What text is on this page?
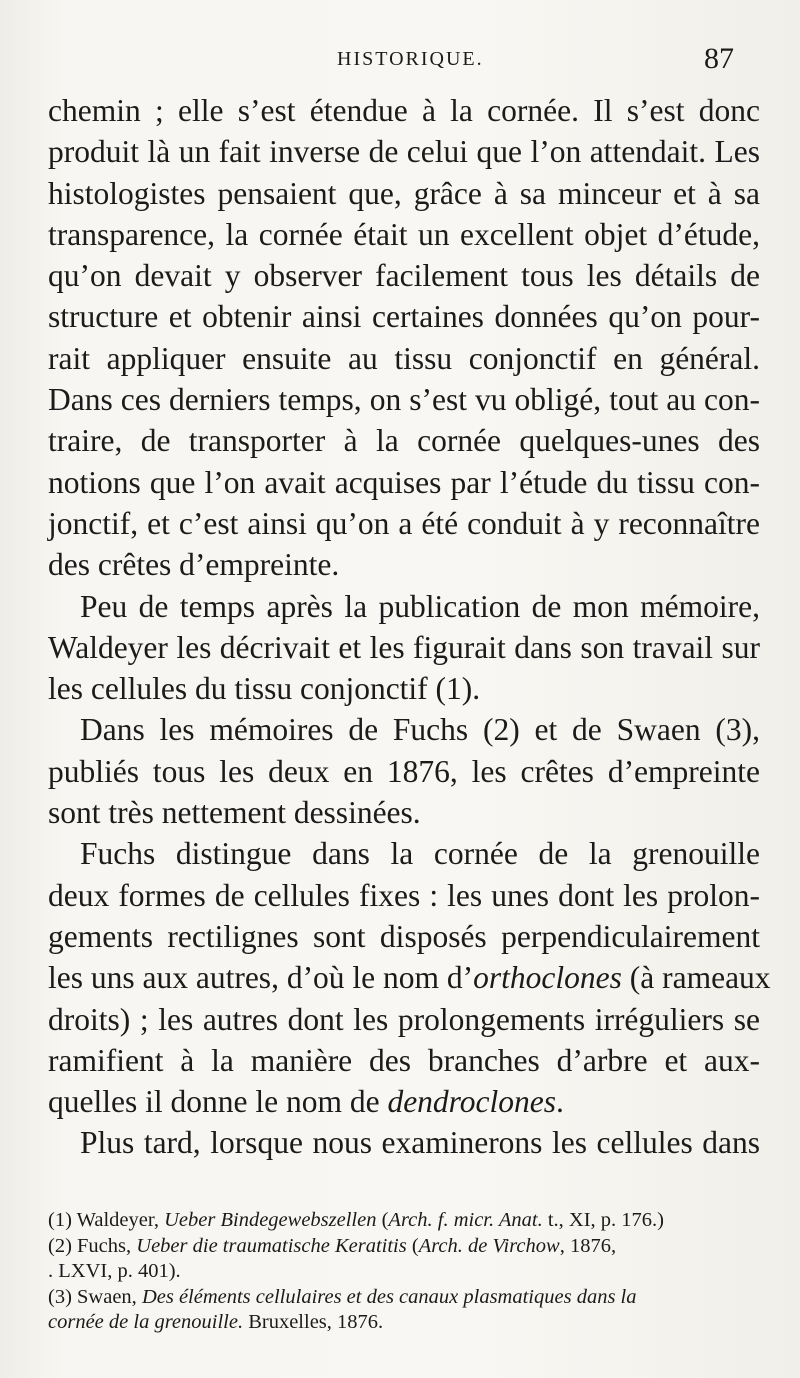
HISTORIQUE.	87

chemin ; elle s’est étendue à la cornée. Il s’est donc
produit là un fait inverse de celui que l’on attendait. Les
histologistes pensaient que, grâce à sa minceur et à sa
transparence, la cornée était un excellent objet d’étude,
qu’on devait y observer facilement tous les détails de
structure et obtenir ainsi certaines données qu’on pour-
rait appliquer ensuite au tissu conjonctif en général.
Dans ces derniers temps, on s’est vu obligé, tout au con-
traire, de transporter à la cornée quelques-unes des
notions que l’on avait acquises par l’étude du tissu con-
jonctif, et c’est ainsi qu’on a été conduit à y reconnaître
des crêtes d’empreinte.

Peu de temps après la publication de mon mémoire,
Waldeyer les décrivait et les figurait dans son travail sur
les cellules du tissu conjonctif (1).

Dans les mémoires de Fuchs (2) et de Swaen (3),
publiés tous les deux en 1876, les crêtes d’empreinte
sont très nettement dessinées.

Fuchs distingue dans la cornée de la grenouille
deux formes de cellules fixes : les unes dont les prolon-
gements rectilignes sont disposés perpendiculairement
les uns aux autres, d’où le nom d’orthoclones (à rameaux
droits) ; les autres dont les prolongements irréguliers se
ramifient à la manière des branches d’arbre et aux-
quelles il donne le nom de dendroclones.

Plus tard, lorsque nous examinerons les cellules dans

(1) Waldeyer, Ueber Bindegewebszellen (Arch. f. micr. Anat. t., XI, p. 176.)
(2) Fuchs, Ueber die traumatische Keratitis (Arch. de Virchow, 1876,
. LXVI, p. 401).
(3) Swaen, Des éléments cellulaires et des canaux plasmatiques dans la
cornée de la grenouille. Bruxelles, 1876.
